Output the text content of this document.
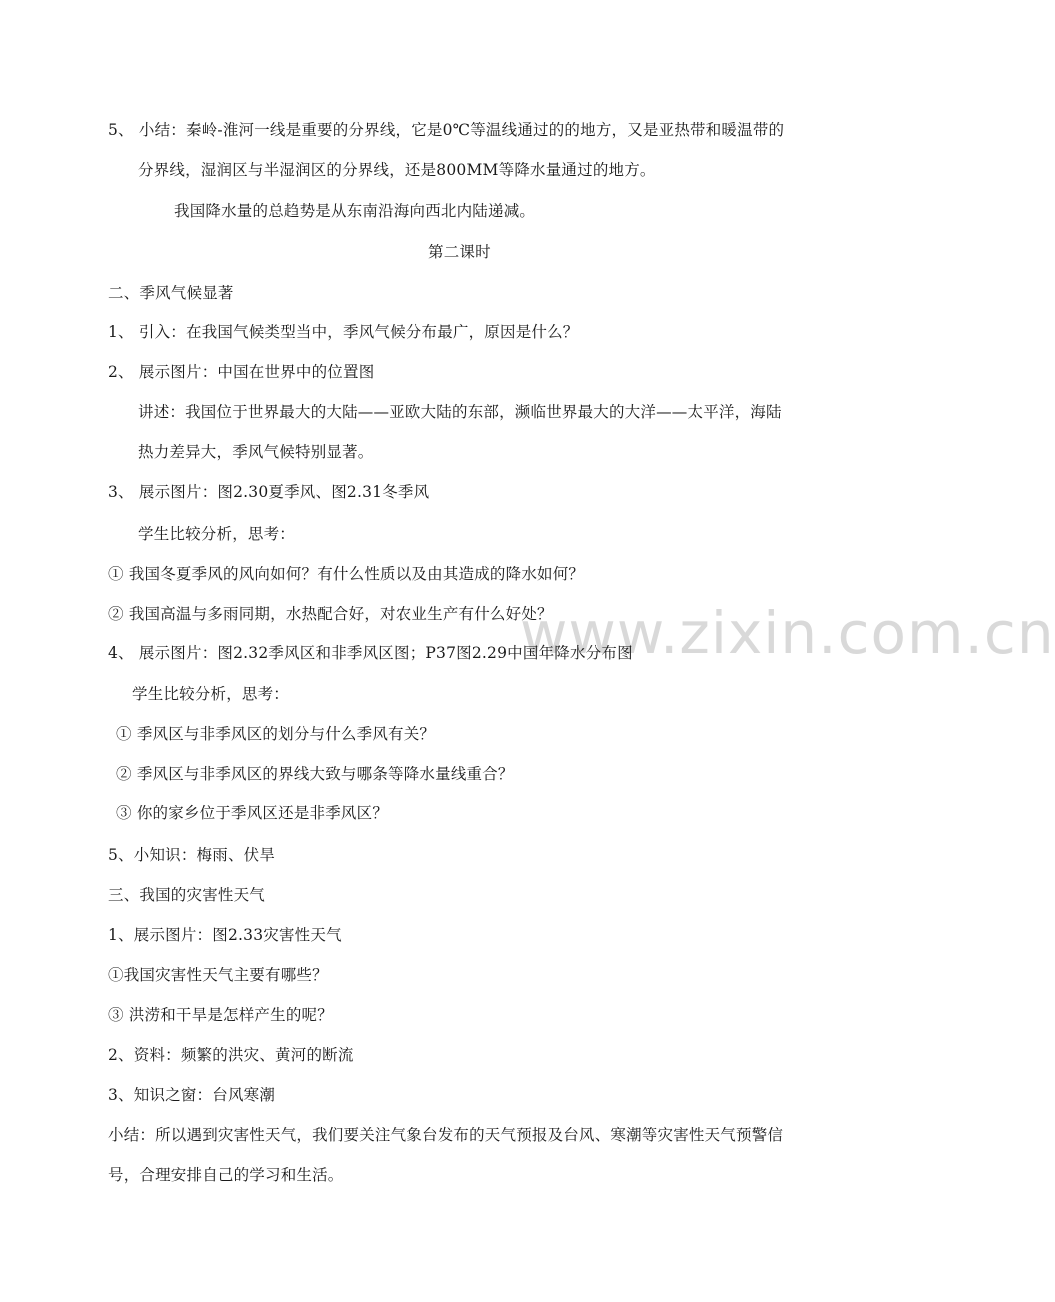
www.zixin.com.cn

5、 小结：秦岭-淮河一线是重要的分界线，它是0℃等温线通过的的地方，又是亚热带和暖温带的

分界线，湿润区与半湿润区的分界线，还是800MM等降水量通过的地方。

我国降水量的总趋势是从东南沿海向西北内陆递减。

第二课时

二、季风气候显著

1、 引入：在我国气候类型当中，季风气候分布最广，原因是什么？

2、 展示图片：中国在世界中的位置图

讲述：我国位于世界最大的大陆——亚欧大陆的东部，濒临世界最大的大洋——太平洋，海陆

热力差异大，季风气候特别显著。

3、 展示图片：图2.30夏季风、图2.31冬季风

学生比较分析，思考：

① 我国冬夏季风的风向如何？有什么性质以及由其造成的降水如何？

② 我国高温与多雨同期，水热配合好，对农业生产有什么好处？

4、 展示图片：图2.32季风区和非季风区图；P37图2.29中国年降水分布图

学生比较分析，思考：

① 季风区与非季风区的划分与什么季风有关？

② 季风区与非季风区的界线大致与哪条等降水量线重合？

③ 你的家乡位于季风区还是非季风区？

5、小知识：梅雨、伏旱

三、我国的灾害性天气

1、展示图片：图2.33灾害性天气

①我国灾害性天气主要有哪些？

③ 洪涝和干旱是怎样产生的呢？

2、资料：频繁的洪灾、黄河的断流

3、知识之窗：台风寒潮

小结：所以遇到灾害性天气，我们要关注气象台发布的天气预报及台风、寒潮等灾害性天气预警信

号，合理安排自己的学习和生活。
